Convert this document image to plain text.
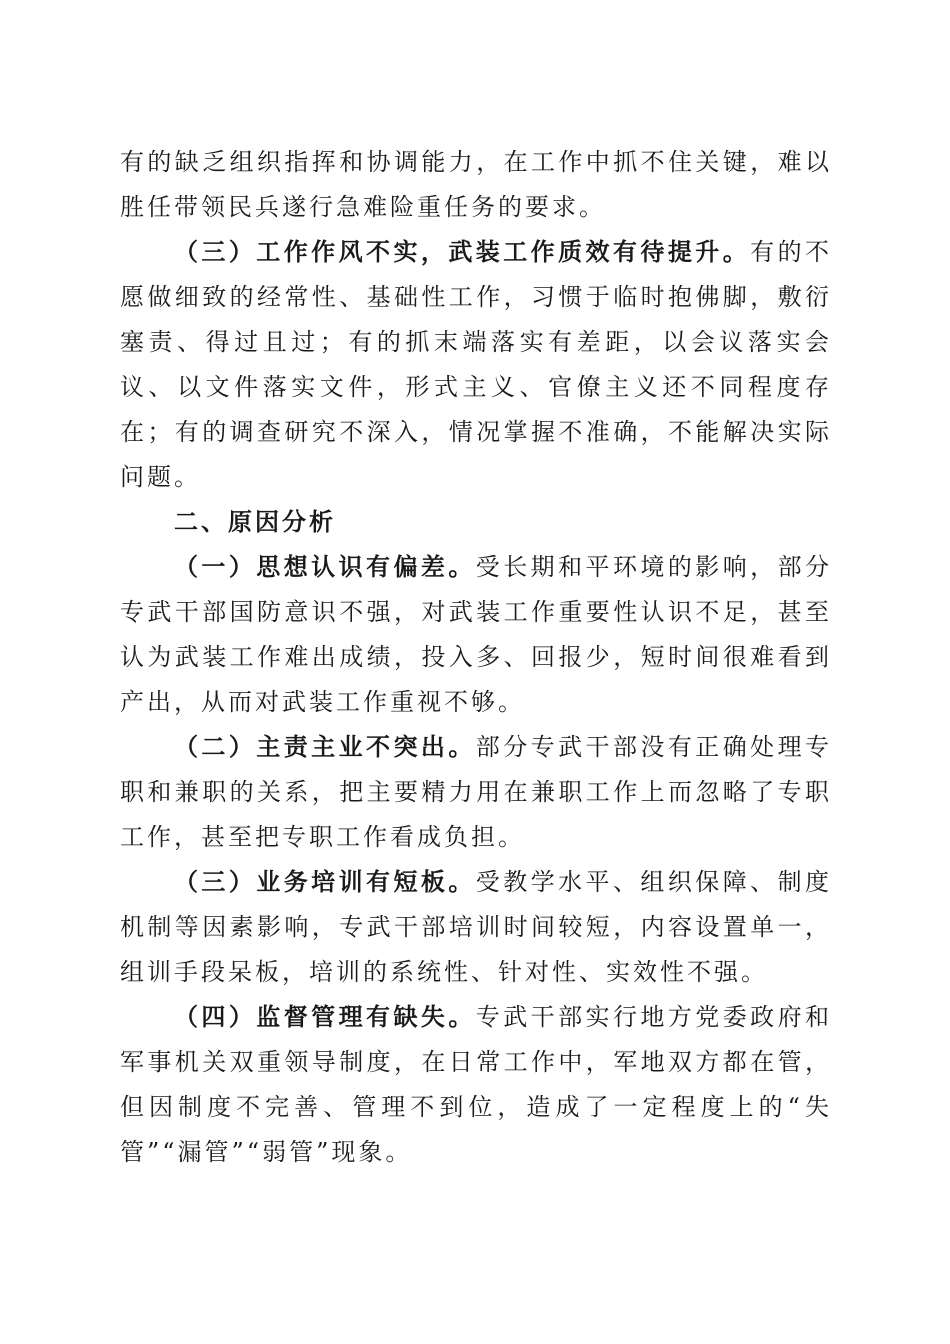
有的缺乏组织指挥和协调能力，在工作中抓不住关键，难以胜任带领民兵遂行急难险重任务的要求。

（三）工作作风不实，武装工作质效有待提升。有的不愿做细致的经常性、基础性工作，习惯于临时抱佛脚，敷衍塞责、得过且过；有的抓末端落实有差距，以会议落实会议、以文件落实文件，形式主义、官僚主义还不同程度存在；有的调查研究不深入，情况掌握不准确，不能解决实际问题。

二、原因分析

（一）思想认识有偏差。受长期和平环境的影响，部分专武干部国防意识不强，对武装工作重要性认识不足，甚至认为武装工作难出成绩，投入多、回报少，短时间很难看到产出，从而对武装工作重视不够。

（二）主责主业不突出。部分专武干部没有正确处理专职和兼职的关系，把主要精力用在兼职工作上而忽略了专职工作，甚至把专职工作看成负担。

（三）业务培训有短板。受教学水平、组织保障、制度机制等因素影响，专武干部培训时间较短，内容设置单一，组训手段呆板，培训的系统性、针对性、实效性不强。

（四）监督管理有缺失。专武干部实行地方党委政府和军事机关双重领导制度，在日常工作中，军地双方都在管，但因制度不完善、管理不到位，造成了一定程度上的“失管”“漏管”“弱管”现象。
